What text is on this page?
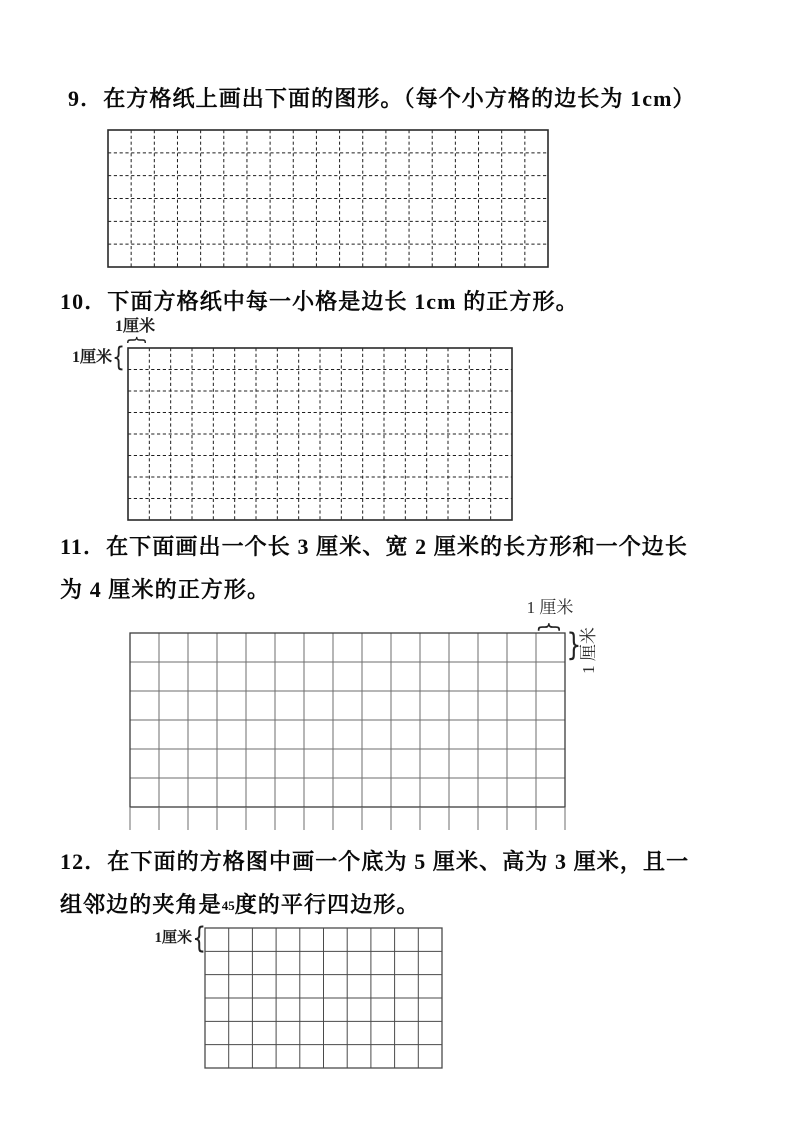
9．在方格纸上画出下面的图形。（每个小方格的边长为 1cm）
10．下面方格纸中每一小格是边长 1cm 的正方形。
1厘米
{
1厘米 {
11．在下面画出一个长 3 厘米、宽 2 厘米的长方形和一个边长
为 4 厘米的正方形。
1 厘米
{ }
1 厘米
12．在下面的方格图中画一个底为 5 厘米、高为 3 厘米，且一
组邻边的夹角是45度的平行四边形。
1厘米 {
